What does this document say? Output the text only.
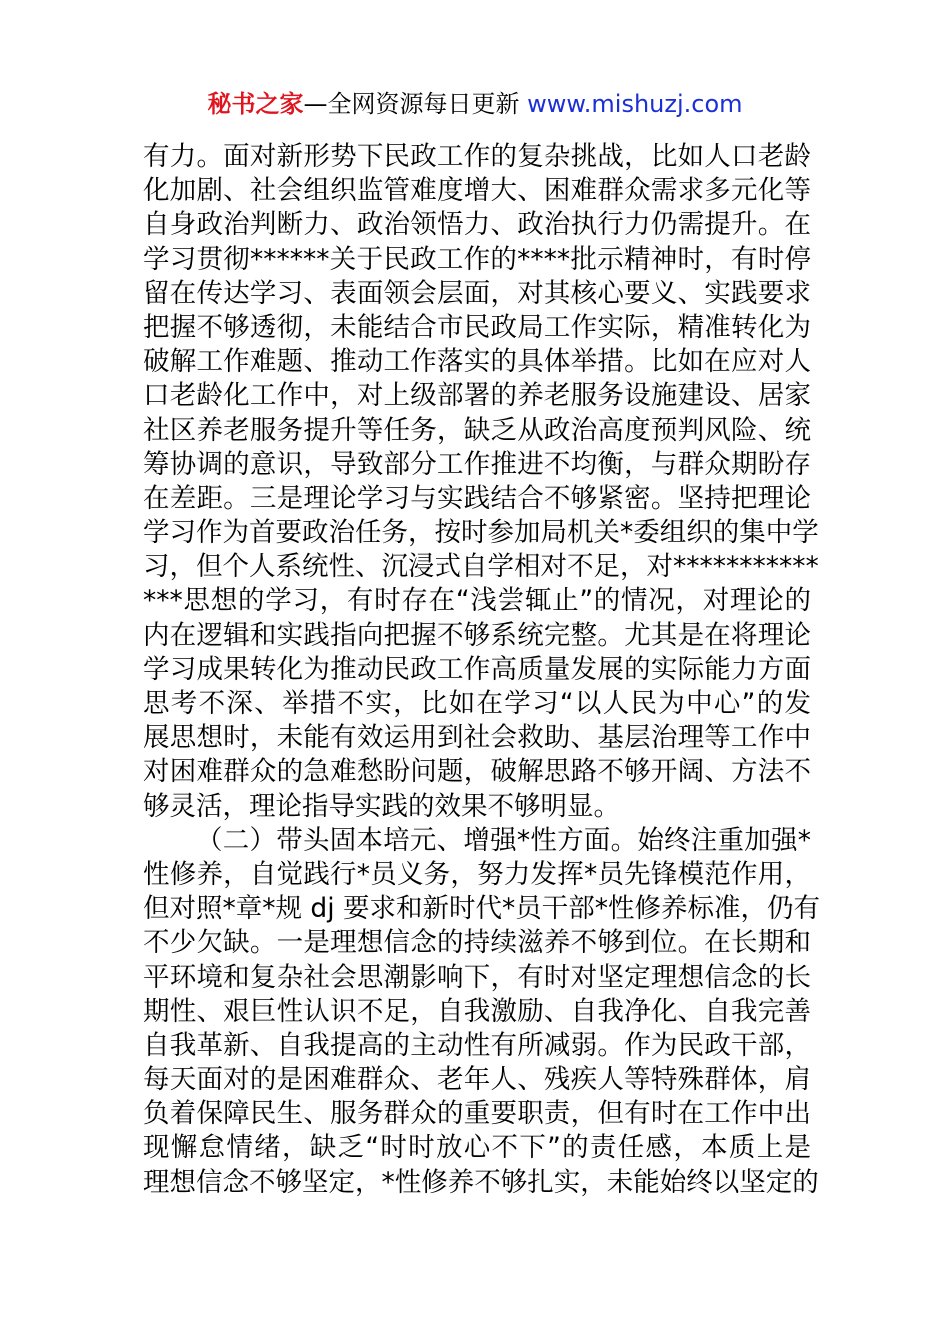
秘书之家—全网资源每日更新 www.mishuzj.com
有力。面对新形势下民政工作的复杂挑战，比如人口老龄
化加剧、社会组织监管难度增大、困难群众需求多元化等
自身政治判断力、政治领悟力、政治执行力仍需提升。在
学习贯彻******关于民政工作的****批示精神时，有时停
留在传达学习、表面领会层面，对其核心要义、实践要求
把握不够透彻，未能结合市民政局工作实际，精准转化为
破解工作难题、推动工作落实的具体举措。比如在应对人
口老龄化工作中，对上级部署的养老服务设施建设、居家
社区养老服务提升等任务，缺乏从政治高度预判风险、统
筹协调的意识，导致部分工作推进不均衡，与群众期盼存
在差距。三是理论学习与实践结合不够紧密。坚持把理论
学习作为首要政治任务，按时参加局机关*委组织的集中学
习，但个人系统性、沉浸式自学相对不足，对***********
***思想的学习，有时存在“浅尝辄止”的情况，对理论的
内在逻辑和实践指向把握不够系统完整。尤其是在将理论
学习成果转化为推动民政工作高质量发展的实际能力方面
思考不深、举措不实，比如在学习“以人民为中心”的发
展思想时，未能有效运用到社会救助、基层治理等工作中
对困难群众的急难愁盼问题，破解思路不够开阔、方法不
够灵活，理论指导实践的效果不够明显。
（二）带头固本培元、增强*性方面。始终注重加强*
性修养，自觉践行*员义务，努力发挥*员先锋模范作用，
但对照*章*规 dj 要求和新时代*员干部*性修养标准，仍有
不少欠缺。一是理想信念的持续滋养不够到位。在长期和
平环境和复杂社会思潮影响下，有时对坚定理想信念的长
期性、艰巨性认识不足，自我激励、自我净化、自我完善
自我革新、自我提高的主动性有所减弱。作为民政干部，
每天面对的是困难群众、老年人、残疾人等特殊群体，肩
负着保障民生、服务群众的重要职责，但有时在工作中出
现懈怠情绪，缺乏“时时放心不下”的责任感，本质上是
理想信念不够坚定，*性修养不够扎实，未能始终以坚定的
